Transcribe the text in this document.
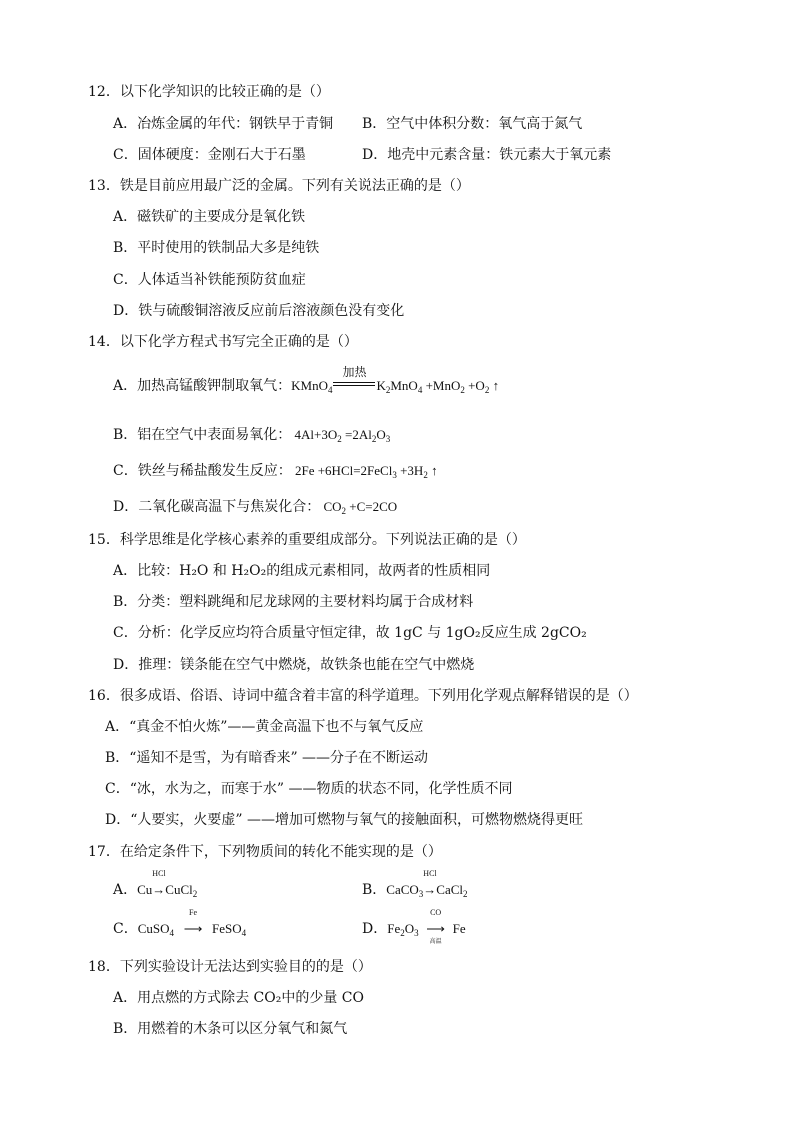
12．以下化学知识的比较正确的是（）
A．冶炼金属的年代：钢铁早于青铜 B．空气中体积分数：氧气高于氮气
C．固体硬度：金刚石大于石墨	D．地壳中元素含量：铁元素大于氧元素
13．铁是目前应用最广泛的金属。下列有关说法正确的是（）
A．磁铁矿的主要成分是氧化铁
B．平时使用的铁制品大多是纯铁
C．人体适当补铁能预防贫血症
D．铁与硫酸铜溶液反应前后溶液颜色没有变化
14．以下化学方程式书写完全正确的是（）
A．加热高锰酸钾制取氧气：KMnO$_4$
加热
$K_2MnO_4 +MnO_2 +O_2$ ↑
B．铝在空气中表面易氧化： $4Al+3O_2 =2Al_2O_3$
C．铁丝与稀盐酸发生反应： 2Fe +6HCl=2FeCl$_3$ $+3H_2$ ↑
D．二氧化碳高温下与焦炭化合： $CO_2 +C=2CO$
15．科学思维是化学核心素养的重要组成部分。下列说法正确的是（）
A．比较：H₂O 和 H₂O₂的组成元素相同，故两者的性质相同
B．分类：塑料跳绳和尼龙球网的主要材料均属于合成材料
C．分析：化学反应均符合质量守恒定律，故 1gC 与 1gO₂反应生成 2gCO₂
D．推理：镁条能在空气中燃烧，故铁条也能在空气中燃烧
16．很多成语、俗语、诗词中蕴含着丰富的科学道理。下列用化学观点解释错误的是（）
A．“真金不怕火炼”——黄金高温下也不与氧气反应
B．“遥知不是雪，为有暗香来” ——分子在不断运动
C．“冰，水为之，而寒于水” ——物质的状态不同，化学性质不同
D．“人要实，火要虚” ——增加可燃物与氧气的接触面积，可燃物燃烧得更旺
17．在给定条件下，下列物质间的转化不能实现的是（）
A．Cu
HCl
→CuCl$_2$	B．CaCO$_3$
HCl
→CaCl$_2$
C．CuSO$_4$
Fe
⟶ FeSO$_4$	D．$Fe_2O_3$
CO
⟶
高温
Fe
18．下列实验设计无法达到实验目的的是（）
A．用点燃的方式除去 CO₂中的少量 CO
B．用燃着的木条可以区分氧气和氮气
